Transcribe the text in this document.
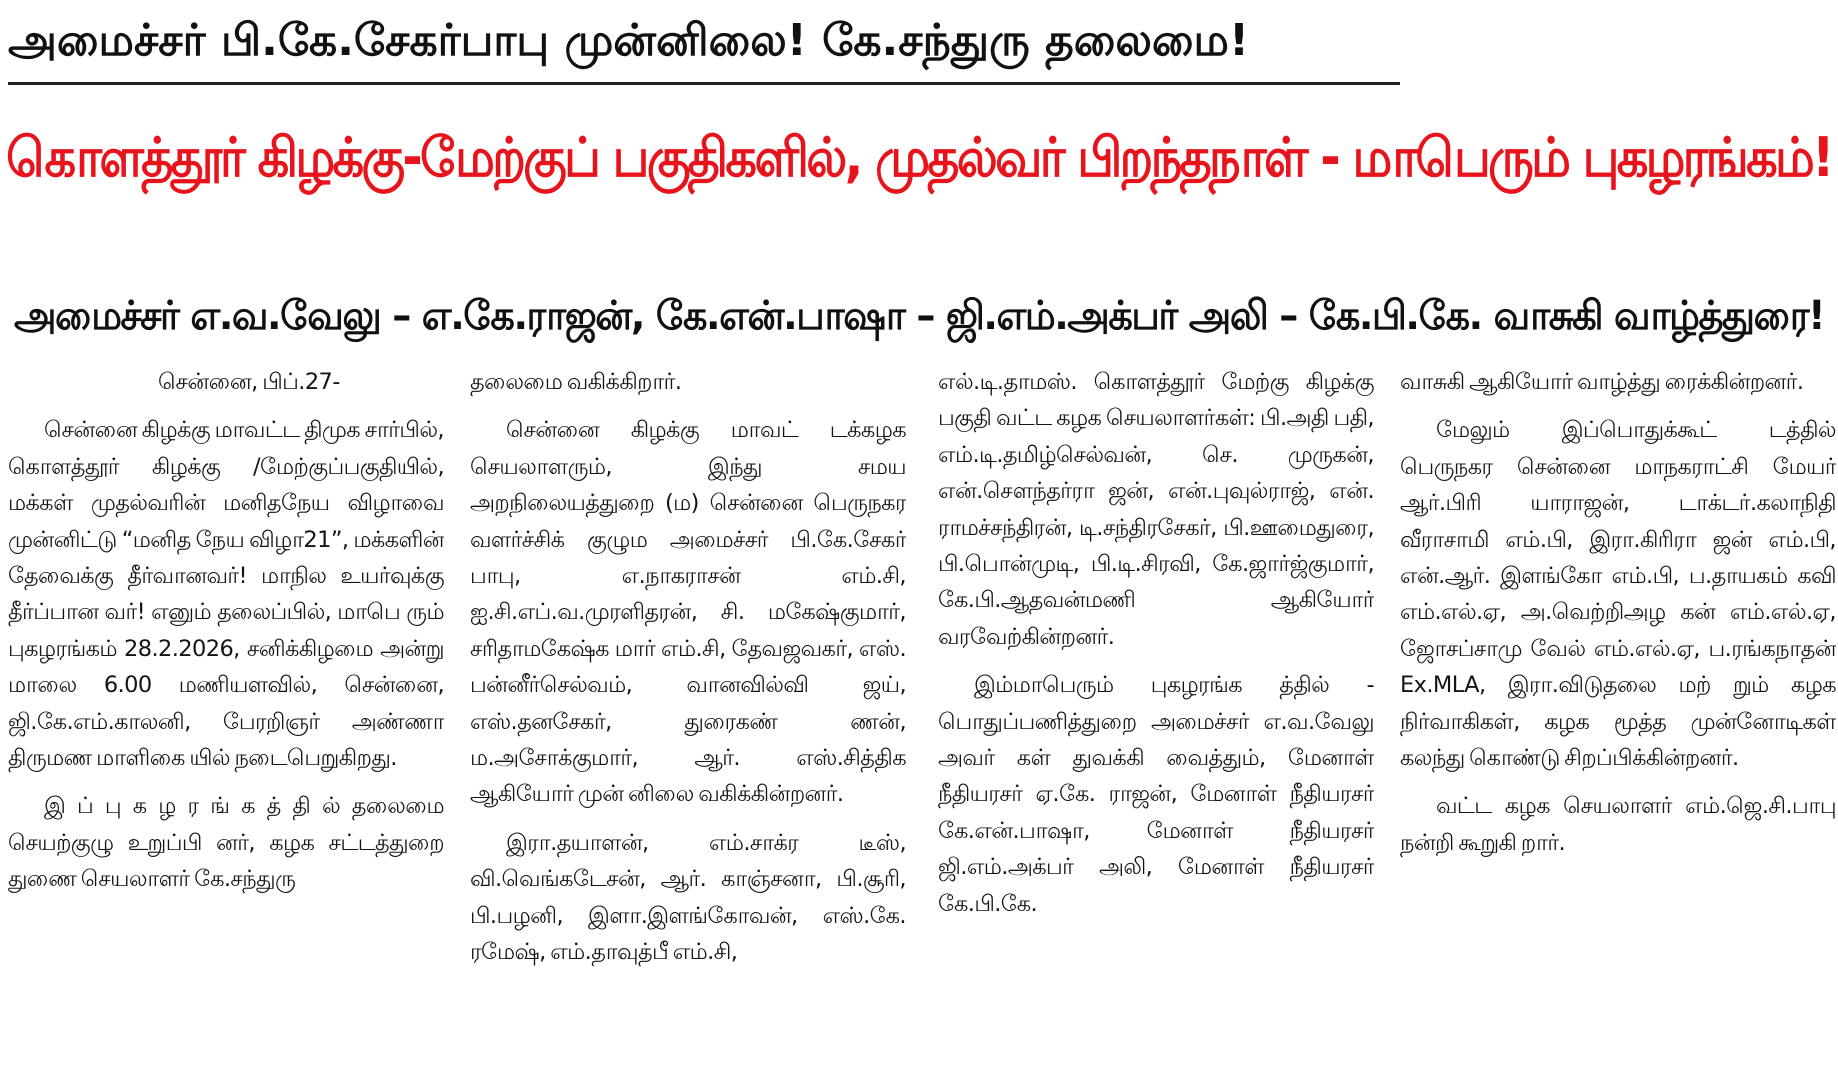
அமைச்சர் பி.கே.சேகர்பாபு முன்னிலை! கே.சந்துரு தலைமை!
கொளத்தூர் கிழக்கு-மேற்குப் பகுதிகளில், முதல்வர் பிறந்தநாள் - மாபெரும் புகழரங்கம்!
அமைச்சர் எ.வ.வேலு – எ.கே.ராஜன், கே.என்.பாஷா – ஜி.எம்.அக்பர் அலி – கே.பி.கே. வாசுகி வாழ்த்துரை!

சென்னை, பிப்.27-

சென்னை கிழக்கு மாவட்ட திமுக சார்பில், கொளத்தூர் கிழக்கு /மேற்குப்பகுதியில், மக்கள் முதல்வரின் மனிதநேய விழாவை முன்னிட்டு “மனித நேய விழா21”, மக்களின் தேவைக்கு தீர்வானவர்! மாநில உயர்வுக்கு தீர்ப்பான வர்! எனும் தலைப்பில், மாபெ ரும் புகழரங்கம் 28.2.2026, சனிக்கிழமை அன்று மாலை 6.00 மணியளவில், சென்னை, ஜி.கே.எம்.காலனி, பேரறிஞர் அண்ணா திருமண மாளிகை யில் நடைபெறுகிறது.

இ ப் பு க ழ ர ங் க த் தி ல் தலைமை செயற்குழு உறுப்பி னர், கழக சட்டத்துறை துணை செயலாளர் கே.சந்துரு

தலைமை வகிக்கிறார்.

சென்னை கிழக்கு மாவட் டக்கழக செயலாளரும், இந்து சமய அறநிலையத்துறை (ம) சென்னை பெருநகர வளர்ச்சிக் குழும அமைச்சர் பி.கே.சேகர் பாபு, எ.நாகராசன் எம்.சி, ஐ.சி.எப்.வ.முரளிதரன், சி. மகேஷ்குமார், சரிதாமகேஷ்க மார் எம்.சி, தேவஜவகர், எஸ். பன்னீர்செல்வம், வானவில்வி ஜய், எஸ்.தனசேகர், துரைகண் ணன், ம.அசோக்குமார், ஆர். எஸ்.சித்திக ஆகியோர் முன் னிலை வகிக்கின்றனர்.

இரா.தயாளன், எம்.சாக்ர டீஸ், வி.வெங்கடேசன், ஆர். காஞ்சனா, பி.சூரி, பி.பழனி, இளா.இளங்கோவன், எஸ்.கே. ரமேஷ், எம்.தாவுத்பீ எம்.சி,

எல்.டி.தாமஸ். கொளத்தூர் மேற்கு கிழக்கு பகுதி வட்ட கழக செயலாளர்கள்: பி.அதி பதி, எம்.டி.தமிழ்செல்வன், செ. முருகன், என்.சௌந்தர்ரா ஜன், என்.புவுல்ராஜ், என். ராமச்சந்திரன், டி.சந்திரசேகர், பி.ஊமைதுரை, பி.பொன்முடி, பி.டி.சிரவி, கே.ஜார்ஜ்குமார், கே.பி.ஆதவன்மணி ஆகியோர் வரவேற்கின்றனர்.

இம்மாபெரும் புகழரங்க த்தில் - பொதுப்பணித்துறை அமைச்சர் எ.வ.வேலு அவர் கள் துவக்கி வைத்தும், மேனாள் நீதியரசர் ஏ.கே. ராஜன், மேனாள் நீதியரசர் கே.என்.பாஷா, மேனாள் நீதியரசர் ஜி.எம்.அக்பர் அலி, மேனாள் நீதியரசர் கே.பி.கே.

வாசுகி ஆகியோர் வாழ்த்து ரைக்கின்றனர்.

மேலும் இப்பொதுக்கூட் டத்தில் பெருநகர சென்னை மாநகராட்சி மேயர் ஆர்.பிரி யாராஜன், டாக்டர்.கலாநிதி வீராசாமி எம்.பி, இரா.கிரிரா ஜன் எம்.பி, என்.ஆர். இளங்கோ எம்.பி, ப.தாயகம் கவி எம்.எல்.ஏ, அ.வெற்றிஅழ கன் எம்.எல்.ஏ, ஜோசப்சாமு வேல் எம்.எல்.ஏ, ப.ரங்கநாதன் Ex.MLA, இரா.விடுதலை மற் றும் கழக நிர்வாகிகள், கழக மூத்த முன்னோடிகள் கலந்து கொண்டு சிறப்பிக்கின்றனர்.

வட்ட கழக செயலாளர் எம்.ஜெ.சி.பாபு நன்றி கூறுகி றார்.
